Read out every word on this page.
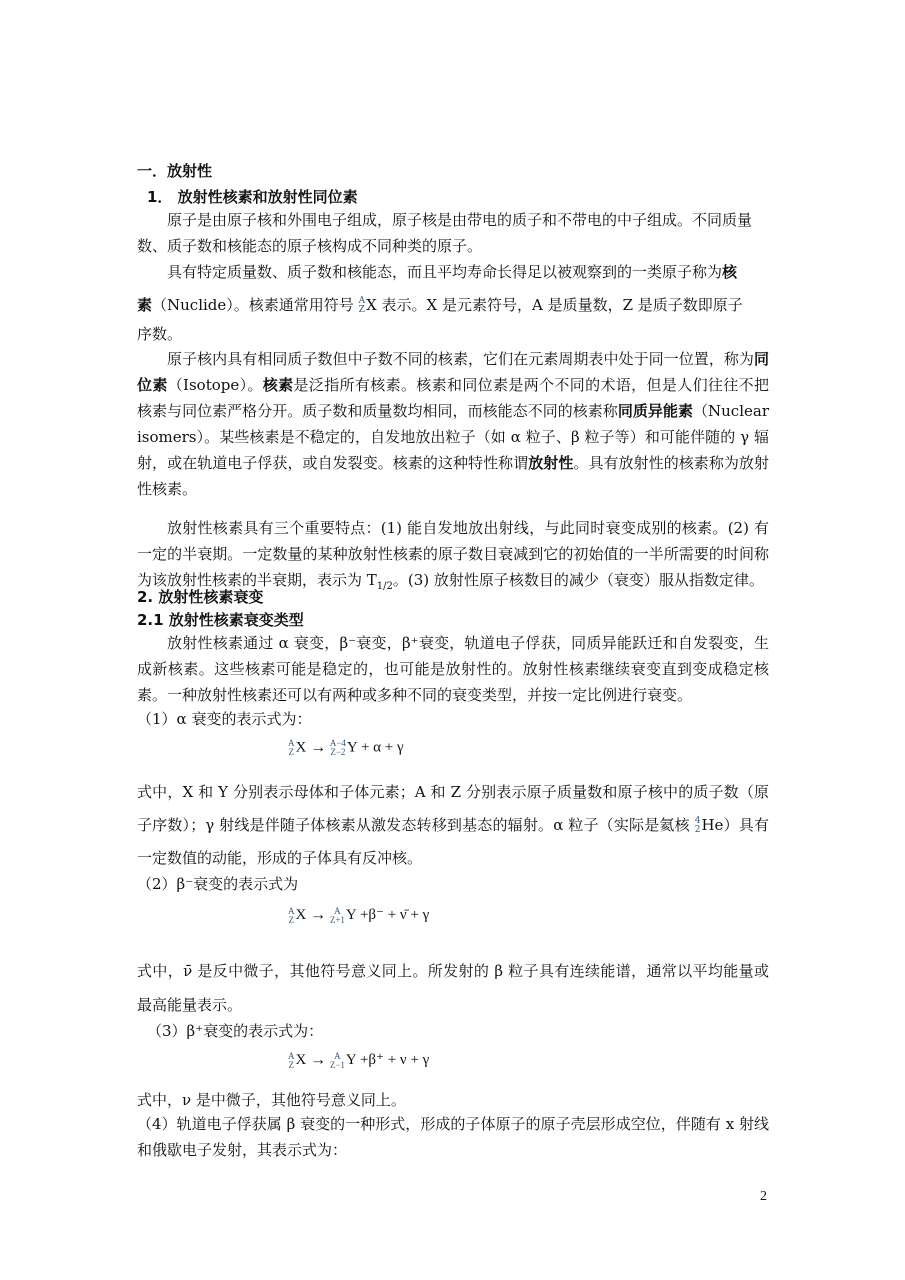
一．放射性
1． 放射性核素和放射性同位素

原子是由原子核和外围电子组成，原子核是由带电的质子和不带电的中子组成。不同质量数、质子数和核能态的原子核构成不同种类的原子。

具有特定质量数、质子数和核能态，而且平均寿命长得足以被观察到的一类原子称为核

素（Nuclide）。核素通常用符号 A
Z X 表示。X 是元素符号，A 是质量数，Z 是质子数即原子

序数。

原子核内具有相同质子数但中子数不同的核素，它们在元素周期表中处于同一位置，称为同位素（Isotope）。核素是泛指所有核素。核素和同位素是两个不同的术语，但是人们往往不把核素与同位素严格分开。质子数和质量数均相同，而核能态不同的核素称同质异能素（Nuclear isomers）。某些核素是不稳定的，自发地放出粒子（如 α 粒子、β 粒子等）和可能伴随的 γ 辐射，或在轨道电子俘获，或自发裂变。核素的这种特性称谓放射性。具有放射性的核素称为放射性核素。

放射性核素具有三个重要特点：(1) 能自发地放出射线，与此同时衰变成别的核素。(2) 有一定的半衰期。一定数量的某种放射性核素的原子数目衰减到它的初始值的一半所需要的时间称为该放射性核素的半衰期，表示为 $T_{1/2}$。(3) 放射性原子核数目的减少（衰变）服从指数定律。

2. 放射性核素衰变
2.1 放射性核素衰变类型

放射性核素通过 α 衰变，β⁻衰变，β⁺衰变，轨道电子俘获，同质异能跃迁和自发裂变，生成新核素。这些核素可能是稳定的，也可能是放射性的。放射性核素继续衰变直到变成稳定核素。一种放射性核素还可以有两种或多种不同的衰变类型，并按一定比例进行衰变。

（1）α 衰变的表示式为：

A
Z X → A−4
Z−2 Y + α + γ

式中，X 和 Y 分别表示母体和子体元素；A 和 Z 分别表示原子质量数和原子核中的质子数（原子序数）；γ 射线是伴随子体核素从激发态转移到基态的辐射。α 粒子（实际是氦核 4
2 He）具有一定数值的动能，形成的子体具有反冲核。

（2）β⁻衰变的表示式为

A
Z X → A
Z+1 Y +β⁻ + ν̄ + γ

式中，ν̄ 是反中微子，其他符号意义同上。所发射的 β 粒子具有连续能谱，通常以平均能量或最高能量表示。

（3）β⁺衰变的表示式为：

A
Z X → A
Z−1 Y +β⁺ + ν + γ

式中，ν 是中微子，其他符号意义同上。

（4）轨道电子俘获属 β 衰变的一种形式，形成的子体原子的原子壳层形成空位，伴随有 x 射线和俄歇电子发射，其表示式为：

2
